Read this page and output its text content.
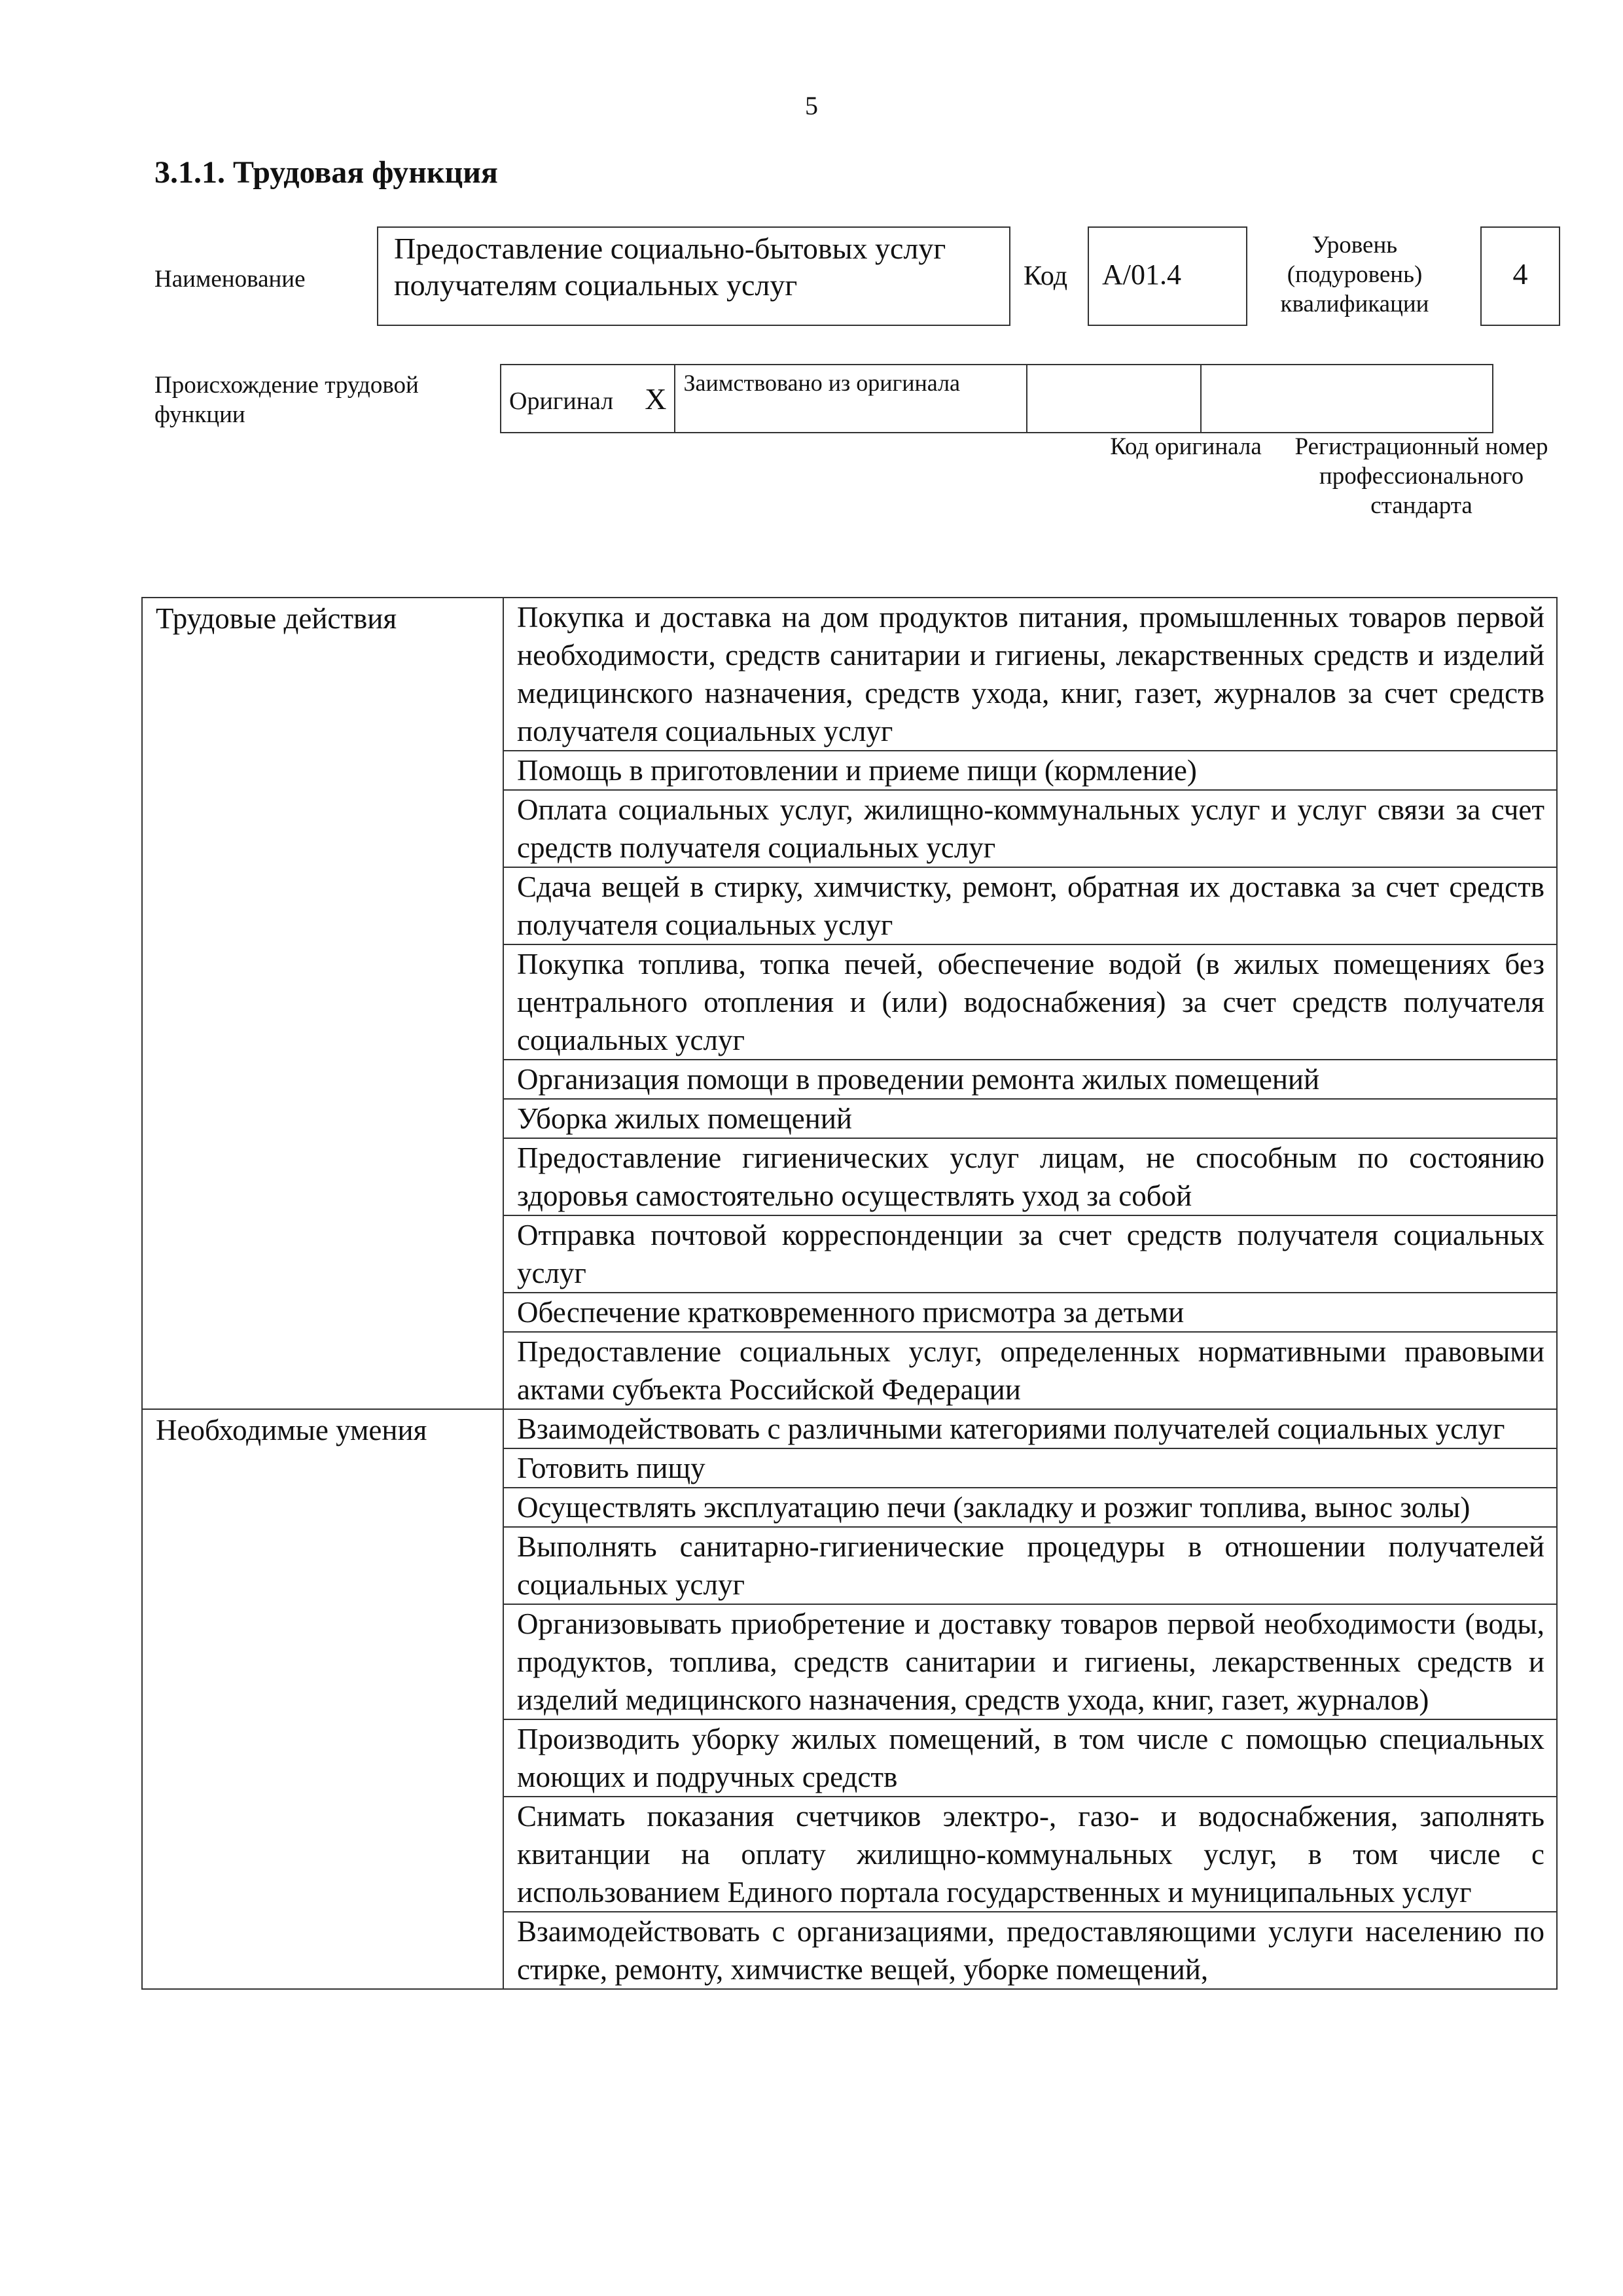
5
3.1.1. Трудовая функция
Наименование
Предоставление социально-бытовых услуг получателям социальных услуг	Код	А/01.4
Уровень (подуровень) квалификации
4
Происхождение трудовой функции
Оригинал X	Заимствовано из оригинала		
Код оригинала	Регистрационный номер профессионального стандарта
Трудовые действия	Покупка и доставка на дом продуктов питания, промышленных товаров первой необходимости, средств санитарии и гигиены, лекарственных средств и изделий медицинского назначения, средств ухода, книг, газет, журналов за счет средств получателя социальных услуг
	Помощь в приготовлении и приеме пищи (кормление)
	Оплата социальных услуг, жилищно-коммунальных услуг и услуг связи за счет средств получателя социальных услуг
	Сдача вещей в стирку, химчистку, ремонт, обратная их доставка за счет средств получателя социальных услуг
	Покупка топлива, топка печей, обеспечение водой (в жилых помещениях без центрального отопления и (или) водоснабжения) за счет средств получателя социальных услуг
	Организация помощи в проведении ремонта жилых помещений
	Уборка жилых помещений
	Предоставление гигиенических услуг лицам, не способным по состоянию здоровья самостоятельно осуществлять уход за собой
	Отправка почтовой корреспонденции за счет средств получателя социальных услуг
	Обеспечение кратковременного присмотра за детьми
	Предоставление социальных услуг, определенных нормативными правовыми актами субъекта Российской Федерации
Необходимые умения	Взаимодействовать с различными категориями получателей социальных услуг
	Готовить пищу
	Осуществлять эксплуатацию печи (закладку и розжиг топлива, вынос золы)
	Выполнять санитарно-гигиенические процедуры в отношении получателей социальных услуг
	Организовывать приобретение и доставку товаров первой необходимости (воды, продуктов, топлива, средств санитарии и гигиены, лекарственных средств и изделий медицинского назначения, средств ухода, книг, газет, журналов)
	Производить уборку жилых помещений, в том числе с помощью специальных моющих и подручных средств
	Снимать показания счетчиков электро-, газо- и водоснабжения, заполнять квитанции на оплату жилищно-коммунальных услуг, в том числе с использованием Единого портала государственных и муниципальных услуг
	Взаимодействовать с организациями, предоставляющими услуги населению по стирке, ремонту, химчистке вещей, уборке помещений,
